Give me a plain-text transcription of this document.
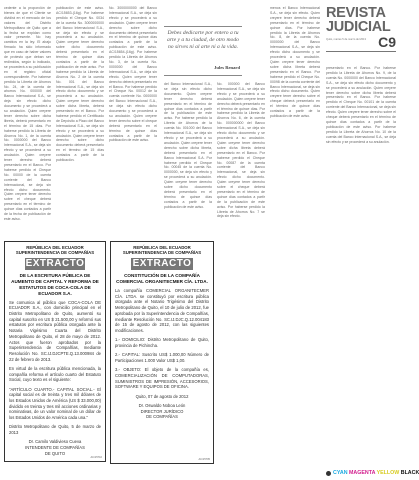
REVISTA
JUDICIAL
Quito, martes 5 de marzo del 2013 C9
Debes dedicarte por entero a tu arte y a tu ciudad, de otro modo no sirves ni al arte ni a la vida.
Jules Renard

cedente a la proporción de bienes de que el Cliente se dividirá en el mercado de los valores del Distrito Metropolitano de Quito que a la fecha se expidan como valor presente. No hay cambios en la ley. El abajo firmado ha sido informado que en caso de haber valores de protesto que deban ser redimidos, según lo indicado, se procederá a su publicación en el registro oficial correspondiente. Por haberse perdido la Libreta de Ahorros No. 24, de la cuenta de ahorros No. 000000 del Banco Internacional S.A., se deja sin efecto dicho documento y se procederá a su anulación. Quien creyere tener derecho sobre dicha libreta, deberá presentarlo en el término de 15 días. Por haberse perdido la Libreta de Ahorros No. 1, de la cuenta No. 0000000 del Banco Internacional S.A., se deja sin efecto y se procederá a su anulación. Quien creyere tener derecho deberá presentarlo en el Banco. Por haberse perdido el Cheque No. 00000 de la cuenta corriente del Banco Internacional, se deja sin efecto dicho documento. Quien creyere tener derecho sobre el cheque deberá presentarlo en el término de quince días contados a partir de la fecha de publicación de este aviso.

publicación de este aviso. AC/15653-(16g). Por haberse perdido el Cheque No. 0034 de la cuenta No. 3000000000 del Banco Internacional S.A., se deja sin efecto y se procederá a su anulación. Quien creyere tener derecho sobre dicho documento deberá presentarlo en el término de quince días contados a partir de la publicación de este aviso. Por haberse perdido la Libreta de Ahorros No. 2 de la cuenta No. 001 del Banco Internacional S.A., se deja sin efecto dicho documento y se procederá a su anulación. Quien creyere tener derecho sobre dicha libreta, deberá presentarlo en el Banco. Por haberse perdido el Certificado de Depósito a Plazo del Banco Internacional S.A., se deja sin efecto y se procederá a su anulación. Quien creyere tener derecho sobre dicho documento deberá presentarlo en el término de 15 días contados a partir de la publicación.

No. 3000000000 del Banco Internacional S.A., se deja sin efecto y se procederá a su anulación. Quien creyere tener derecho sobre dicho documento deberá presentarlo en el término de quince días contados a partir de la publicación de este aviso. AC/15654-(16g). Por haberse perdido la Libreta de Ahorros No. 3, de la cuenta No. 0000000 del Banco Internacional S.A., se deja sin efecto. Quien creyere tener derecho deberá presentarlo en el Banco. Por haberse perdido el Cheque No. 00012 de la cuenta corriente No. 0000000 del Banco Internacional S.A., se deja sin efecto dicho documento y se procederá a su anulación. Quien creyere tener derecho sobre el cheque deberá presentarlo en el término de quince días contados a partir de la publicación de este aviso.

del Banco Internacional S.A., se deja sin efecto dicho documento. Quien creyere tener derecho deberá presentarlo en el término de quince días contados a partir de la publicación de este aviso. Por haberse perdido la Libreta de Ahorros de la cuenta No. 001000 del Banco Internacional S.A., se deja sin efecto y se procederá a su anulación. Quien creyere tener derecho sobre dicha libreta, deberá presentarlo en el Banco Internacional S.A. Por haberse perdido el Cheque No. 00045 de la cuenta No. 0000000, se deja sin efecto y se procederá a su anulación. Quien creyere tener derecho sobre dicho documento deberá presentarlo en el término de quince días contados a partir de la publicación de este aviso.

No. 000000 del Banco Internacional S.A., se deja sin efecto y se procederá a su anulación. Quien creyere tener derecho deberá presentarlo en el término de quince días. Por haberse perdido la Libreta de Ahorros No. 6, de la cuenta No. 000000000 del Banco Internacional S.A., se deja sin efecto dicho documento y se procederá a su anulación. Quien creyere tener derecho sobre dicha libreta deberá presentarlo en el Banco. Por haberse perdido el Cheque No. 00087 de la cuenta corriente del Banco Internacional, se deja sin efecto dicho documento. Quien creyere tener derecho sobre el cheque deberá presentarlo en el término de quince días contados a partir de la publicación de este aviso. Por haberse perdido la Libreta de Ahorros No. 7 se deja sin efecto.

menos el Banco Internacional S.A., se deja sin efecto. Quien creyere tener derecho deberá presentarlo en el término de quince días. Por haberse perdido la Libreta de Ahorros No. 8, de la cuenta No. 0000000 del Banco Internacional S.A., se deja sin efecto dicho documento y se procederá a su anulación. Quien creyere tener derecho sobre dicha libreta deberá presentarlo en el Banco. Por haberse perdido el Cheque No. 00098 de la cuenta corriente del Banco Internacional, se deja sin efecto dicho documento. Quien creyere tener derecho sobre el cheque deberá presentarlo en el término de quince días contados a partir de la publicación de este aviso.

presentarlo en el Banco. Por haberse perdido la Libreta de Ahorros No. 9, de la cuenta No. 0000000 del Banco Internacional S.A., se deja sin efecto dicho documento y se procederá a su anulación. Quien creyere tener derecho sobre dicha libreta deberá presentarlo en el Banco. Por haberse perdido el Cheque No. 00101 de la cuenta corriente del Banco Internacional, se deja sin efecto. Quien creyere tener derecho sobre el cheque deberá presentarlo en el término de quince días contados a partir de la publicación de este aviso. Por haberse perdido la Libreta de Ahorros No. 10 de la cuenta del Banco Internacional S.A., se deja sin efecto y se procederá a su anulación.

REPÚBLICA DEL ECUADOR SUPERINTENDENCIA DE COMPAÑÍAS
EXTRACTO
DE LA ESCRITURA PÚBLICA DE AUMENTO DE CAPITAL Y REFORMA DE ESTATUTOS DE COCA-COLA DE ECUADOR S.A.

Se comunica al público que COCA-COLA DE ECUADOR S.A., con domicilio principal en el Distrito Metropolitano de Quito, aumentó su capital suscrito en US $ 21.500,00 y reformó sus estatutos por escritura pública otorgada ante la Notaria Vigésimo Cuarta del Distrito Metropolitano de Quito, el 28 de mayo de 2012. Actos que fueron aprobados por la Superintendencia de Compañías, mediante Resolución No. SC.IJ.DJCPTE.Q.13.000984 de 22 de febrero de 2013.

En virtud de la escritura pública mencionada, la compañía reforma el artículo cuarto del Estatuto Social, cuyo texto es el siguiente:

"ARTÍCULO CUARTO.- CAPITAL SOCIAL.- El capital social es de treinta y tres mil dólares de los Estados Unidos de América (US $ 33.000,00) dividido en treinta y tres mil acciones ordinarias y nominativas, de un valor nominal de un dólar de los Estados Unidos de América cada una."

Distrito Metropolitano de Quito, 5 de marzo de 2013

Dr. Camilo Valdivieso Cueva
INTENDENTE DE COMPAÑÍAS
DE QUITO
AC/15710
REPÚBLICA DEL ECUADOR SUPERINTENDENCIA DE COMPAÑÍAS
EXTRACTO
CONSTITUCIÓN DE LA COMPAÑÍA COMERCIAL ORGANITECMER CÍA. LTDA.

La compañía COMERCIAL ORGANITECMER CÍA. LTDA. se constituyó por escritura pública otorgada ante el Notario Trigésimo del Distrito Metropolitano de Quito, el 10 de julio de 2012, fue aprobada por la Superintendencia de Compañías, mediante Resolución No. SC.IJ.DJC.Q.12.004183 de 15 de agosto de 2012, con las siguientes modificaciones.

1.- DOMICILIO: Distrito Metropolitano de Quito, provincia de Pichincha.

2.- CAPITAL: Suscrito US$ 1.000,00 Número de Participaciones 1.000 Valor US$ 1,00.

3.- OBJETO: El objeto de la compañía es, COMERCIALIZACIÓN DE COMPUTADORAS, SUMINISTROS DE IMPRESIÓN, ACCESORIOS, SOFTWARE Y EQUIPOS DE OFICINA.

Quito, 07 de agosto de 2012

Dr. Oswaldo Noboa León
DIRECTOR JURÍDICO
DE COMPAÑÍAS
AC/15705
CYAN MAGENTA YELLOW BLACK
